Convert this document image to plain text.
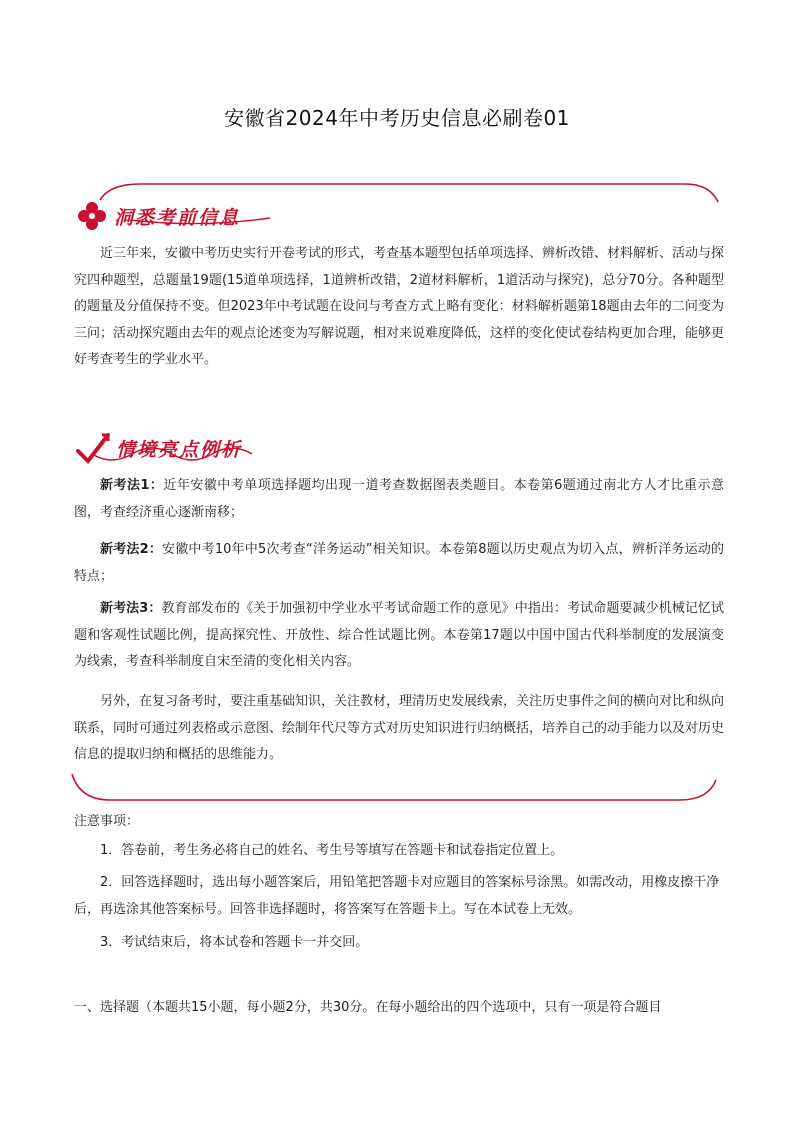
安徽省2024年中考历史信息必刷卷01
洞悉考前信息
近三年来，安徽中考历史实行开卷考试的形式，考查基本题型包括单项选择、辨析改错、材料解析、活动与探究四种题型，总题量19题(15道单项选择，1道辨析改错，2道材料解析，1道活动与探究)，总分70分。各种题型的题量及分值保持不变。但2023年中考试题在设问与考查方式上略有变化：材料解析题第18题由去年的二问变为三问；活动探究题由去年的观点论述变为写解说题，相对来说难度降低，这样的变化使试卷结构更加合理，能够更好考查考生的学业水平。
情境亮点例析
新考法1：近年安徽中考单项选择题均出现一道考查数据图表类题目。本卷第6题通过南北方人才比重示意图，考查经济重心逐渐南移；
新考法2：安徽中考10年中5次考查“洋务运动”相关知识。本卷第8题以历史观点为切入点，辨析洋务运动的特点；
新考法3：教育部发布的《关于加强初中学业水平考试命题工作的意见》中指出：考试命题要减少机械记忆试题和客观性试题比例，提高探究性、开放性、综合性试题比例。本卷第17题以中国中国古代科举制度的发展演变为线索，考查科举制度自宋至清的变化相关内容。
另外，在复习备考时，要注重基础知识，关注教材，理清历史发展线索，关注历史事件之间的横向对比和纵向联系，同时可通过列表格或示意图、绘制年代尺等方式对历史知识进行归纳概括，培养自己的动手能力以及对历史信息的提取归纳和概括的思维能力。
注意事项：
1．答卷前，考生务必将自己的姓名、考生号等填写在答题卡和试卷指定位置上。
2．回答选择题时，选出每小题答案后，用铅笔把答题卡对应题目的答案标号涂黑。如需改动，用橡皮擦干净后，再选涂其他答案标号。回答非选择题时，将答案写在答题卡上。写在本试卷上无效。
3．考试结束后，将本试卷和答题卡一并交回。
一、选择题（本题共15小题，每小题2分，共30分。在每小题给出的四个选项中，只有一项是符合题目
